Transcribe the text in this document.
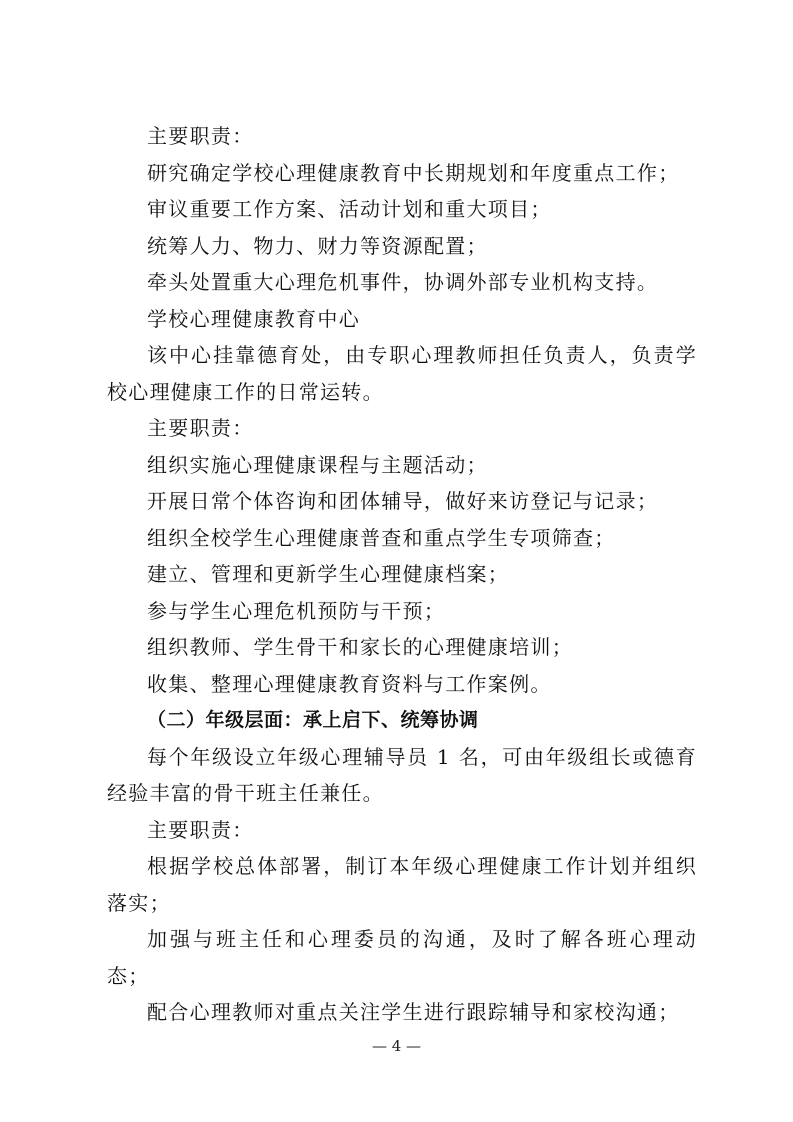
主要职责：

研究确定学校心理健康教育中长期规划和年度重点工作；

审议重要工作方案、活动计划和重大项目；

统筹人力、物力、财力等资源配置；

牵头处置重大心理危机事件，协调外部专业机构支持。

学校心理健康教育中心

该中心挂靠德育处，由专职心理教师担任负责人，负责学校心理健康工作的日常运转。

主要职责：

组织实施心理健康课程与主题活动；

开展日常个体咨询和团体辅导，做好来访登记与记录；

组织全校学生心理健康普查和重点学生专项筛查；

建立、管理和更新学生心理健康档案；

参与学生心理危机预防与干预；

组织教师、学生骨干和家长的心理健康培训；

收集、整理心理健康教育资料与工作案例。

（二）年级层面：承上启下、统筹协调

每个年级设立年级心理辅导员 1 名，可由年级组长或德育经验丰富的骨干班主任兼任。

主要职责：

根据学校总体部署，制订本年级心理健康工作计划并组织落实；

加强与班主任和心理委员的沟通，及时了解各班心理动态；

配合心理教师对重点关注学生进行跟踪辅导和家校沟通；

— 4 —
